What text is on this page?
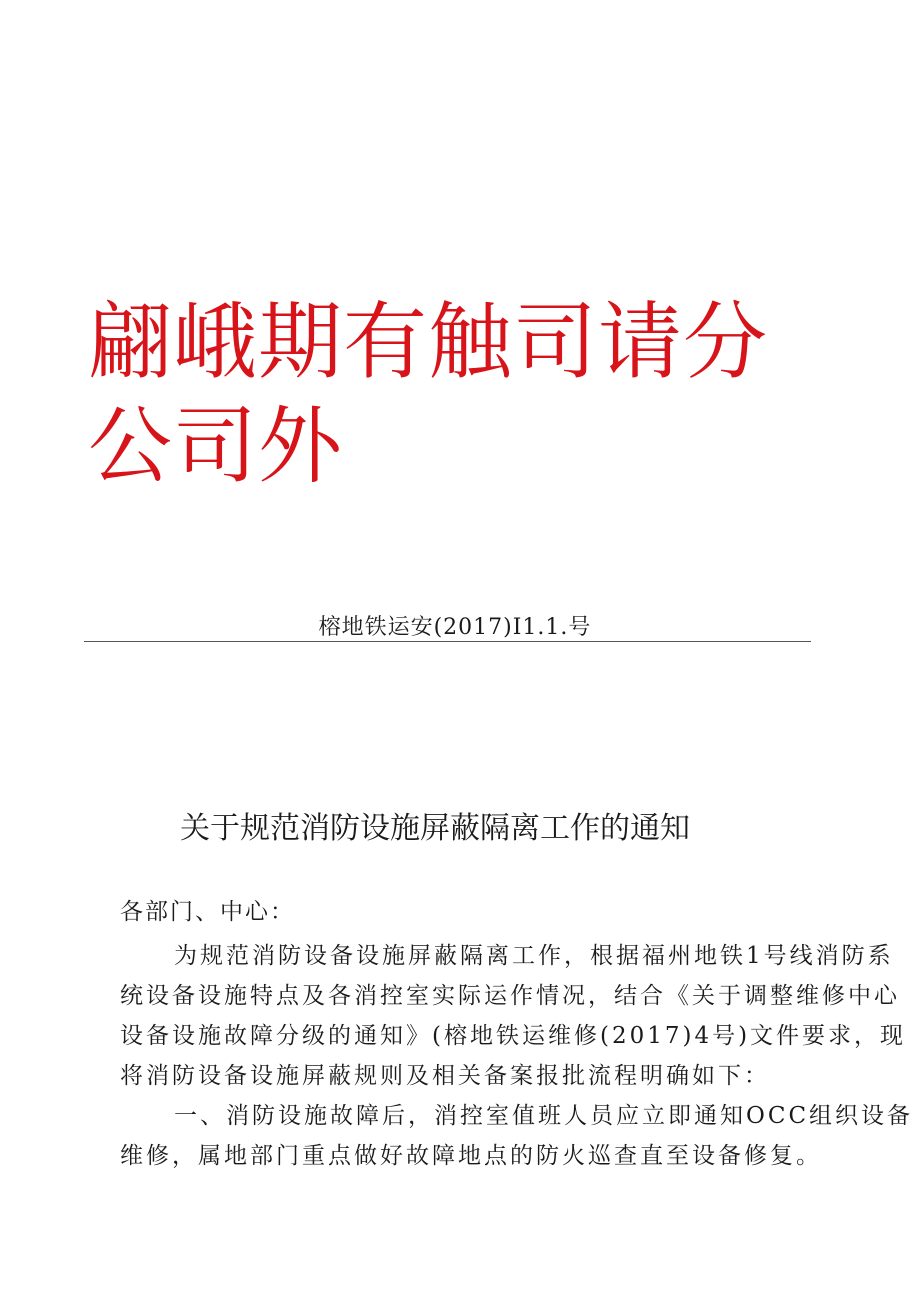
翩峨期有触司请分
公司外
榕地铁运安(2017)I1.1.号
关于规范消防设施屏蔽隔离工作的通知
各部门、中心：
为规范消防设备设施屏蔽隔离工作，根据福州地铁1号线消防系
统设备设施特点及各消控室实际运作情况，结合《关于调整维修中心
设备设施故障分级的通知》(榕地铁运维修(2017)4号)文件要求，现
将消防设备设施屏蔽规则及相关备案报批流程明确如下：
一、消防设施故障后，消控室值班人员应立即通知OCC组织设备
维修，属地部门重点做好故障地点的防火巡查直至设备修复。
